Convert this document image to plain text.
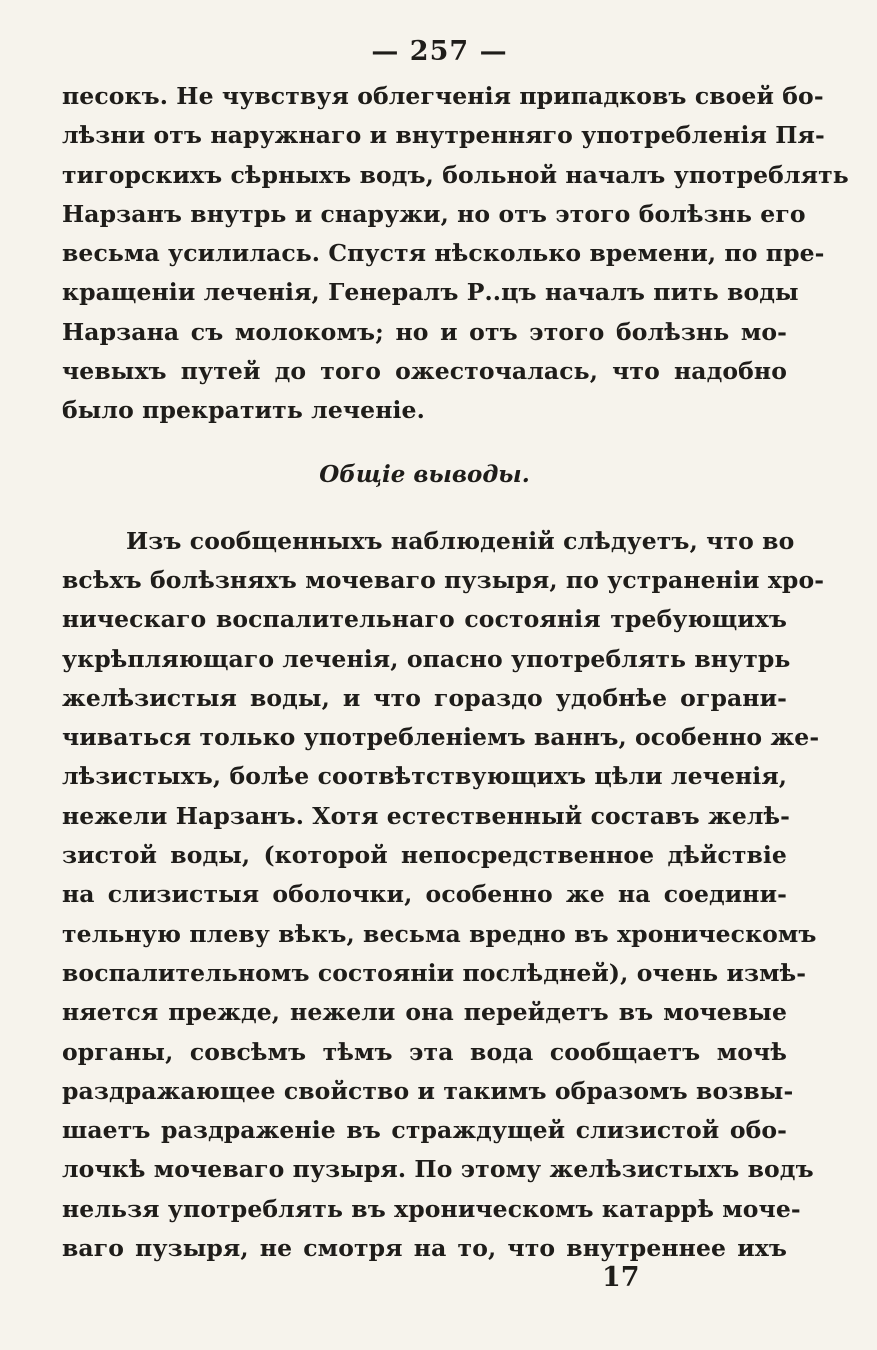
— 257 —
песокъ. Не чувствуя облегченія припадковъ своей бо-
лѣзни отъ наружнаго и внутренняго употребленія Пя-
тигорскихъ сѣрныхъ водъ, больной началъ употреблять
Нарзанъ внутрь и снаружи, но отъ этого болѣзнь его
весьма усилилась. Спустя нѣсколько времени, по пре-
кращеніи леченія, Генералъ Р..цъ началъ пить воды
Нарзана съ молокомъ; но и отъ этого болѣзнь мо-
чевыхъ путей до того ожесточалась, что надобно
было прекратить леченіе.
Общіе выводы.
Изъ сообщенныхъ наблюденій слѣдуетъ, что во
всѣхъ болѣзняхъ мочеваго пузыря, по устраненіи хро-
ническаго воспалительнаго состоянія требующихъ
укрѣпляющаго леченія, опасно употреблять внутрь
желѣзистыя воды, и что гораздо удобнѣе ограни-
чиваться только употребленіемъ ваннъ, особенно же-
лѣзистыхъ, болѣе соотвѣтствующихъ цѣли леченія,
нежели Нарзанъ. Хотя естественный составъ желѣ-
зистой воды, (которой непосредственное дѣйствіе
на слизистыя оболочки, особенно же на соедини-
тельную плеву вѣкъ, весьма вредно въ хроническомъ
воспалительномъ состояніи послѣдней), очень измѣ-
няется прежде, нежели она перейдетъ въ мочевые
органы, совсѣмъ тѣмъ эта вода сообщаетъ мочѣ
раздражающее свойство и такимъ образомъ возвы-
шаетъ раздраженіе въ страждущей слизистой обо-
лочкѣ мочеваго пузыря. По этому желѣзистыхъ водъ
нельзя употреблять въ хроническомъ катаррѣ моче-
ваго пузыря, не смотря на то, что внутреннее ихъ
17
